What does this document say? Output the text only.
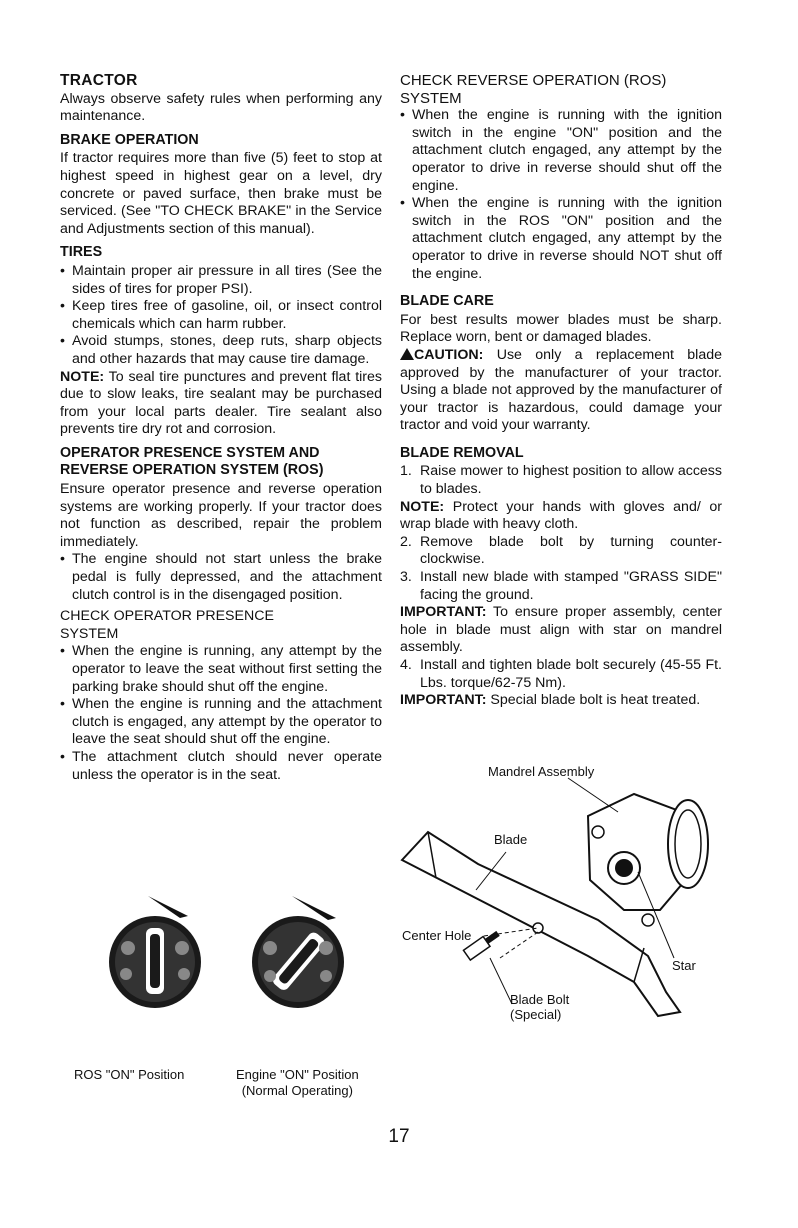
TRACTOR

Always observe safety rules when performing any maintenance.

BRAKE OPERATION

If tractor requires more than five (5) feet to stop at highest speed in highest gear on a level, dry concrete or paved surface, then brake must be serviced. (See "TO CHECK BRAKE" in the Service and Adjustments section of this manual).

TIRES
• Maintain proper air pressure in all tires (See the sides of tires for proper PSI).
• Keep tires free of gasoline, oil, or insect control chemicals which can harm rubber.
• Avoid stumps, stones, deep ruts, sharp objects and other hazards that may cause tire damage.

NOTE: To seal tire punctures and prevent flat tires due to slow leaks, tire sealant may be purchased from your local parts dealer. Tire sealant also prevents tire dry rot and corrosion.

OPERATOR PRESENCE SYSTEM AND REVERSE OPERATION SYSTEM (ROS)

Ensure operator presence and reverse operation systems are working properly. If your tractor does not function as described, repair the problem immediately.

• The engine should not start unless the brake pedal is fully depressed, and the attachment clutch control is in the disengaged position.

CHECK OPERATOR PRESENCE SYSTEM

• When the engine is running, any attempt by the operator to leave the seat without first setting the parking brake should shut off the engine.
• When the engine is running and the attachment clutch is engaged, any attempt by the operator to leave the seat should shut off the engine.
• The attachment clutch should never operate unless the operator is in the seat.
ROS "ON" Position	Engine "ON" Position
(Normal Operating)

CHECK REVERSE OPERATION (ROS) SYSTEM

• When the engine is running with the ignition switch in the engine "ON" position and the attachment clutch engaged, any attempt by the operator to drive in reverse should shut off the engine.
• When the engine is running with the ignition switch in the ROS "ON" position and the attachment clutch engaged, any attempt by the operator to drive in reverse should NOT shut off the engine.
BLADE CARE

For best results mower blades must be sharp. Replace worn, bent or damaged blades.

CAUTION: Use only a replacement blade approved by the manufacturer of your tractor. Using a blade not approved by the manufacturer of your tractor is hazardous, could damage your tractor and void your warranty.

BLADE REMOVAL
1. Raise mower to highest position to allow access to blades.

NOTE: Protect your hands with gloves and/ or wrap blade with heavy cloth.

2. Remove blade bolt by turning counter-clockwise.
3. Install new blade with stamped "GRASS SIDE" facing the ground.

IMPORTANT: To ensure proper assembly, center hole in blade must align with star on mandrel assembly.

4. Install and tighten blade bolt securely (45-55 Ft. Lbs. torque/62-75 Nm).

IMPORTANT: Special blade bolt is heat treated.

Mandrel Assembly
Blade
Center Hole
Star
Blade Bolt
(Special)
17
